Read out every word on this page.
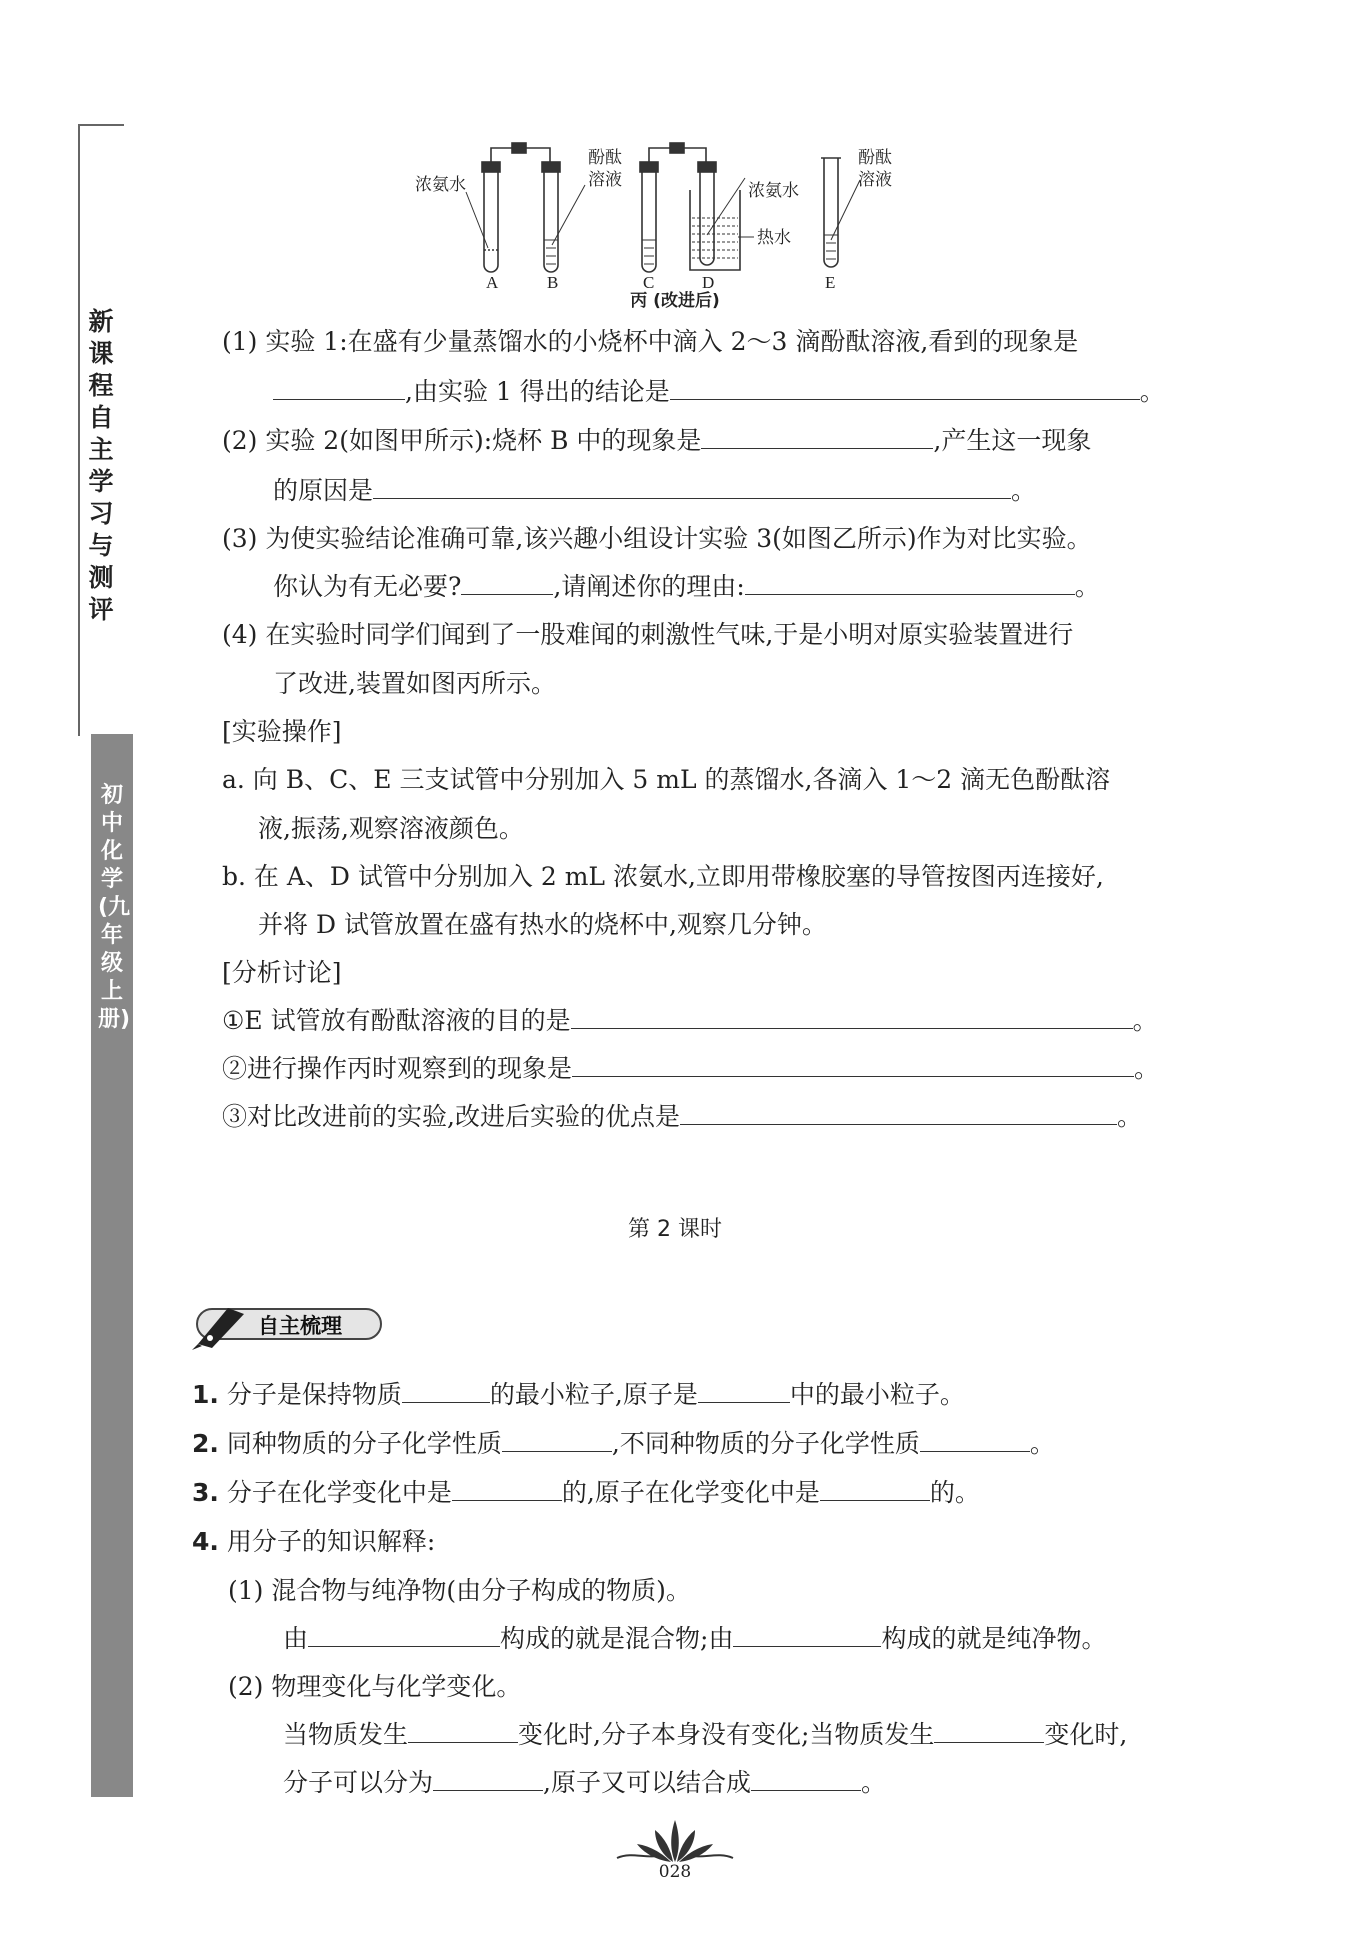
新课程自主学习与测评
初中化学(九年级上册)
浓氨水
酚酞
溶液
浓氨水
热水
酚酞
溶液
A	B	C	D	E
丙 (改进后)
(1) 实验 1:在盛有少量蒸馏水的小烧杯中滴入 2～3 滴酚酞溶液,看到的现象是
,由实验 1 得出的结论是	。
(2) 实验 2(如图甲所示):烧杯 B 中的现象是	,产生这一现象
的原因是	。
(3) 为使实验结论准确可靠,该兴趣小组设计实验 3(如图乙所示)作为对比实验。
你认为有无必要?	,请阐述你的理由:	。
(4) 在实验时同学们闻到了一股难闻的刺激性气味,于是小明对原实验装置进行
了改进,装置如图丙所示。
[实验操作]
a. 向 B、C、E 三支试管中分别加入 5 mL 的蒸馏水,各滴入 1～2 滴无色酚酞溶
液,振荡,观察溶液颜色。
b. 在 A、D 试管中分别加入 2 mL 浓氨水,立即用带橡胶塞的导管按图丙连接好,
并将 D 试管放置在盛有热水的烧杯中,观察几分钟。
[分析讨论]
①E 试管放有酚酞溶液的目的是	。
②进行操作丙时观察到的现象是	。
③对比改进前的实验,改进后实验的优点是	。
第 2 课时
自主梳理
1. 分子是保持物质	的最小粒子,原子是	中的最小粒子。
2. 同种物质的分子化学性质	,不同种物质的分子化学性质	。
3. 分子在化学变化中是	的,原子在化学变化中是	的。
4. 用分子的知识解释:
(1) 混合物与纯净物(由分子构成的物质)。
由	构成的就是混合物;由	构成的就是纯净物。
(2) 物理变化与化学变化。
当物质发生	变化时,分子本身没有变化;当物质发生	变化时,
分子可以分为	,原子又可以结合成	。
028
